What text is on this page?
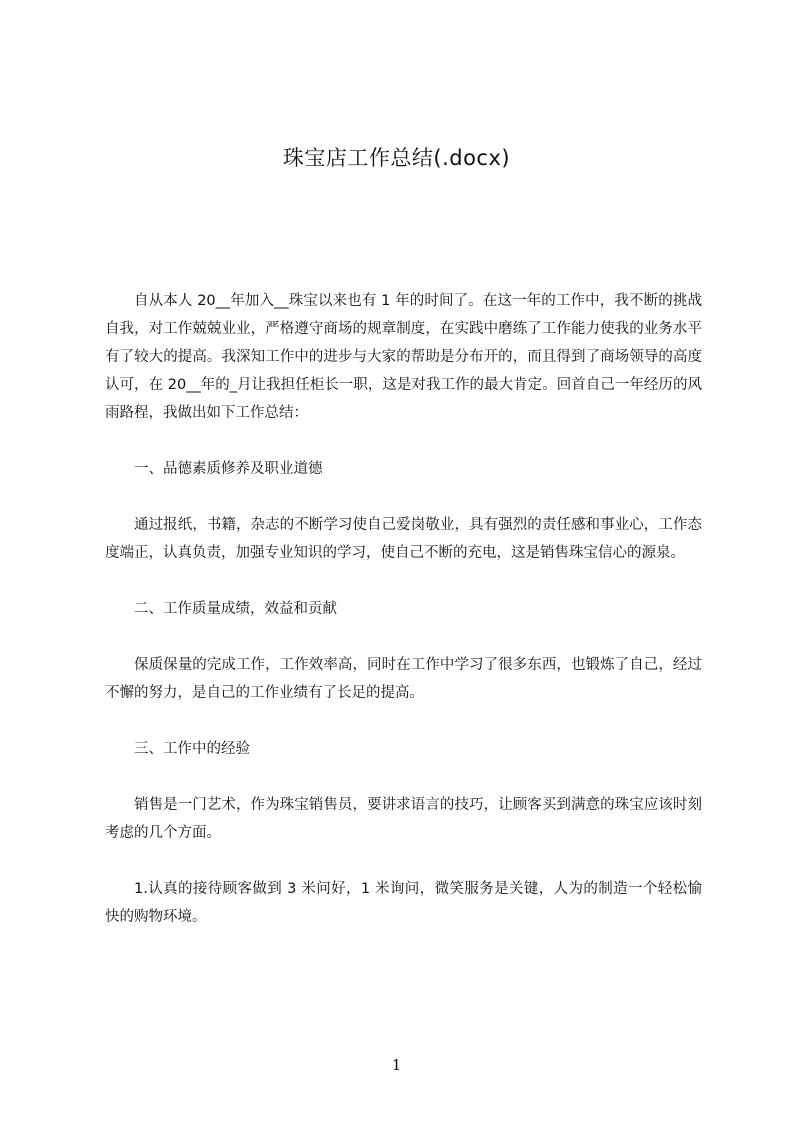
珠宝店工作总结(.docx)

自从本人 20__年加入__珠宝以来也有 1 年的时间了。在这一年的工作中，我不断的挑战自我，对工作兢兢业业，严格遵守商场的规章制度，在实践中磨练了工作能力使我的业务水平有了较大的提高。我深知工作中的进步与大家的帮助是分布开的，而且得到了商场领导的高度认可，在 20__年的_月让我担任柜长一职，这是对我工作的最大肯定。回首自己一年经历的风雨路程，我做出如下工作总结：

一、品德素质修养及职业道德

通过报纸，书籍，杂志的不断学习使自己爱岗敬业，具有强烈的责任感和事业心，工作态度端正，认真负责，加强专业知识的学习，使自己不断的充电，这是销售珠宝信心的源泉。

二、工作质量成绩，效益和贡献

保质保量的完成工作，工作效率高，同时在工作中学习了很多东西，也锻炼了自己，经过不懈的努力，是自己的工作业绩有了长足的提高。

三、工作中的经验

销售是一门艺术，作为珠宝销售员，要讲求语言的技巧，让顾客买到满意的珠宝应该时刻考虑的几个方面。

1.认真的接待顾客做到 3 米问好，1 米询问，微笑服务是关键，人为的制造一个轻松愉快的购物环境。

1
